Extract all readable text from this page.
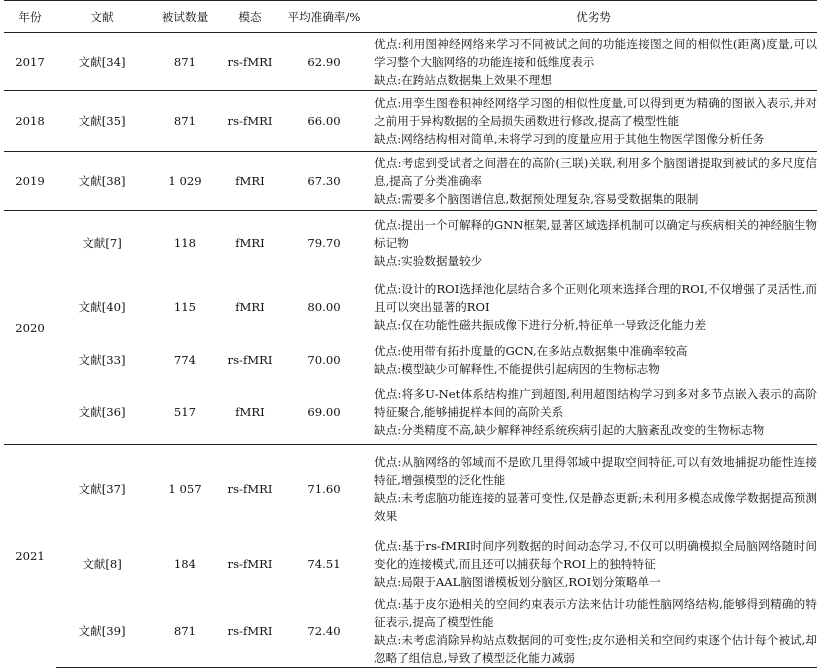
年份	文献	被试数量	模态	平均准确率/%	优劣势
2017	文献[34]	871	rs-fMRI	62.90	优点:利用图神经网络来学习不同被试之间的功能连接图之间的相似性(距离)度量,可以学习整个大脑网络的功能连接和低维度表示
缺点:在跨站点数据集上效果不理想

2018	文献[35]	871	rs-fMRI	66.00	优点:用孪生图卷积神经网络学习图的相似性度量,可以得到更为精确的图嵌入表示,并对之前用于异构数据的全局损失函数进行修改,提高了模型性能
缺点:网络结构相对简单,未将学习到的度量应用于其他生物医学图像分析任务

2019	文献[38]	1 029	fMRI	67.30	优点:考虑到受试者之间潜在的高阶(三联)关联,利用多个脑图谱提取到被试的多尺度信息,提高了分类准确率
缺点:需要多个脑图谱信息,数据预处理复杂,容易受数据集的限制

2020	文献[7]	118	fMRI	79.70	优点:提出一个可解释的GNN框架,显著区域选择机制可以确定与疾病相关的神经脑生物标记物
缺点:实验数据量较少

	文献[40]	115	fMRI	80.00	优点:设计的ROI选择池化层结合多个正则化项来选择合理的ROI,不仅增强了灵活性,而且可以突出显著的ROI
缺点:仅在功能性磁共振成像下进行分析,特征单一导致泛化能力差

	文献[33]	774	rs-fMRI	70.00	优点:使用带有拓扑度量的GCN,在多站点数据集中准确率较高
缺点:模型缺少可解释性,不能提供引起病因的生物标志物

	文献[36]	517	fMRI	69.00	优点:将多U-Net体系结构推广到超图,利用超图结构学习到多对多节点嵌入表示的高阶特征聚合,能够捕捉样本间的高阶关系
缺点:分类精度不高,缺少解释神经系统疾病引起的大脑紊乱改变的生物标志物

2021	文献[37]	1 057	rs-fMRI	71.60	优点:从脑网络的邻域而不是欧几里得邻域中提取空间特征,可以有效地捕捉功能性连接特征,增强模型的泛化性能
缺点:未考虑脑功能连接的显著可变性,仅是静态更新;未利用多模态成像学数据提高预测效果

	文献[8]	184	rs-fMRI	74.51	优点:基于rs-fMRI时间序列数据的时间动态学习,不仅可以明确模拟全局脑网络随时间变化的连接模式,而且还可以捕获每个ROI上的独特特征
缺点:局限于AAL脑图谱模板划分脑区,ROI划分策略单一

	文献[39]	871	rs-fMRI	72.40	优点:基于皮尔逊相关的空间约束表示方法来估计功能性脑网络结构,能够得到精确的特征表示,提高了模型性能
缺点:未考虑消除异构站点数据间的可变性;皮尔逊相关和空间约束逐个估计每个被试,却忽略了组信息,导致了模型泛化能力减弱
